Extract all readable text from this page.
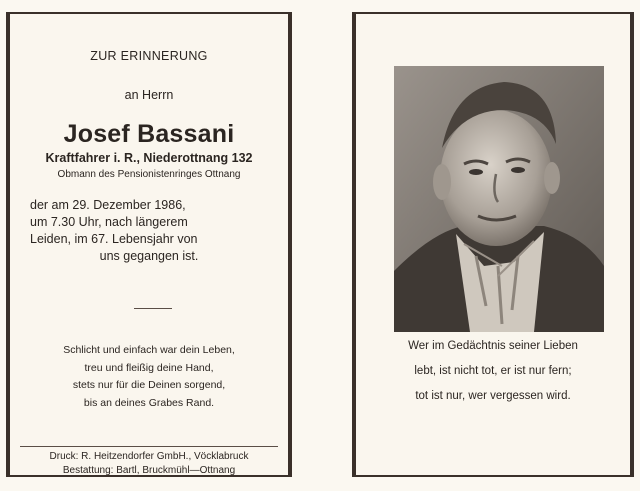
ZUR ERINNERUNG
an Herrn
Josef Bassani
Kraftfahrer i. R., Niederottnang 132
Obmann des Pensionistenringes Ottnang
der am 29. Dezember 1986,
um 7.30 Uhr, nach längerem
Leiden, im 67. Lebensjahr von
uns gegangen ist.
Schlicht und einfach war dein Leben,
treu und fleißig deine Hand,
stets nur für die Deinen sorgend,
bis an deines Grabes Rand.
Druck: R. Heitzendorfer GmbH., Vöcklabruck
Bestattung: Bartl, Bruckmühl—Ottnang
Wer im Gedächtnis seiner Lieben
lebt, ist nicht tot, er ist nur fern;
tot ist nur, wer vergessen wird.
